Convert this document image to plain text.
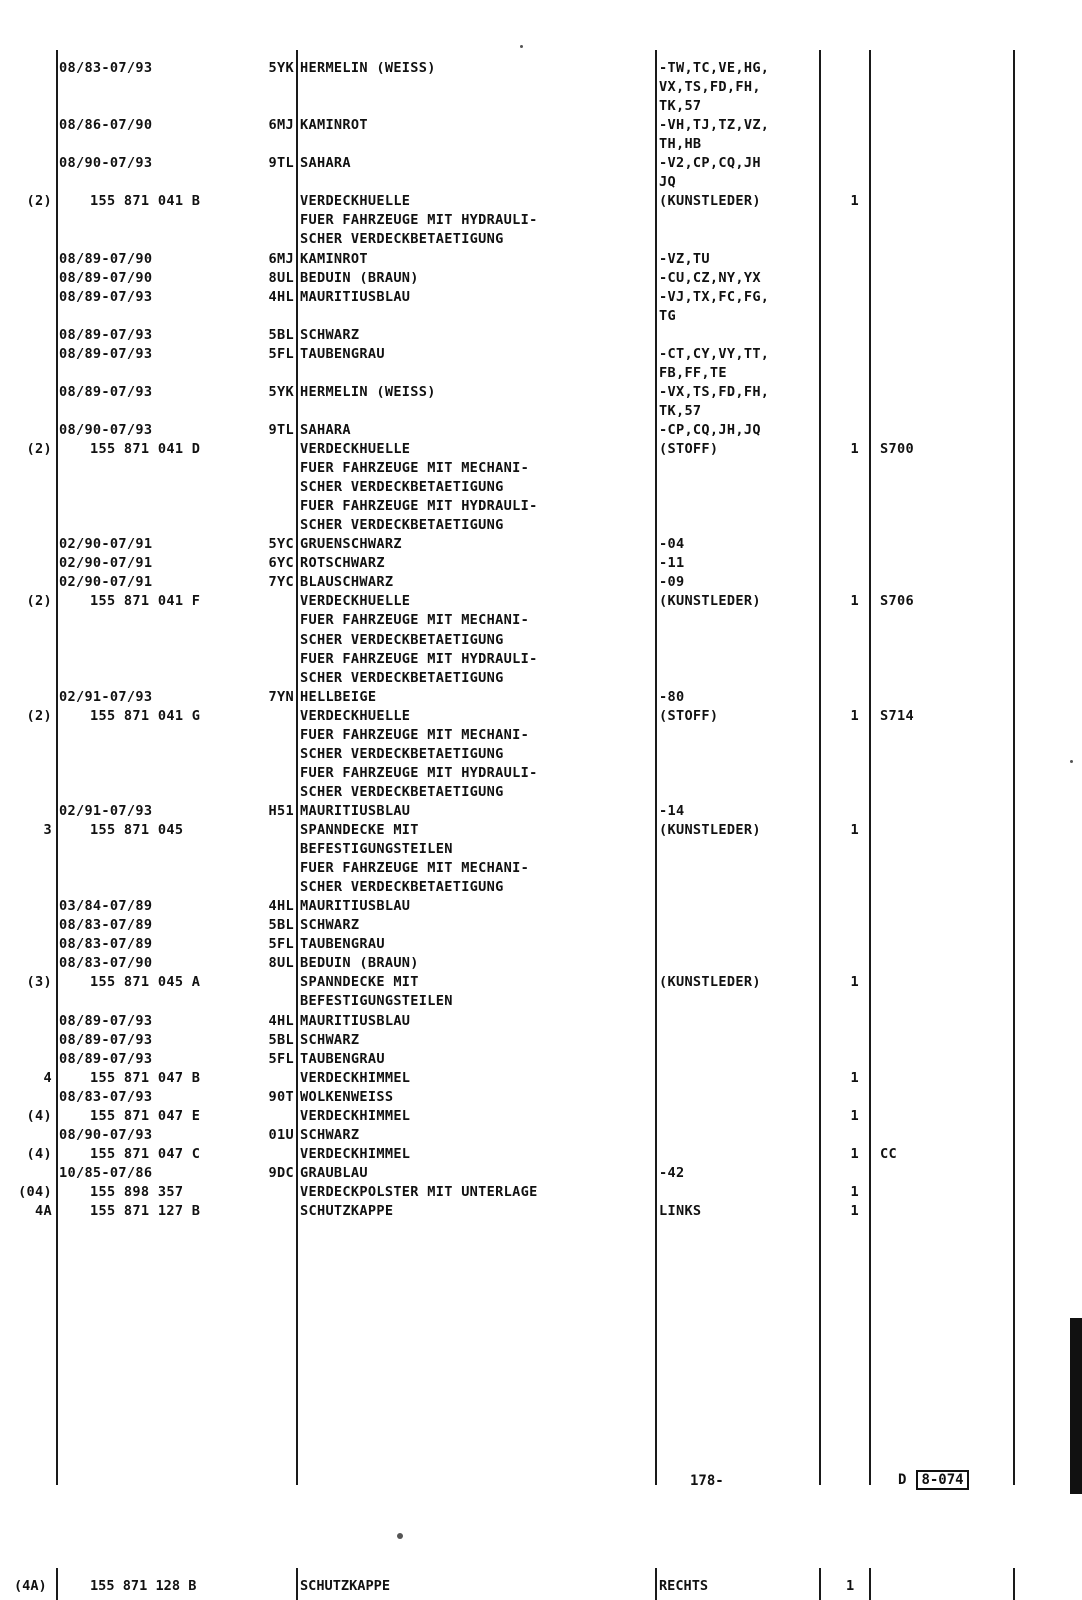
08/83-07/93	5YK HERMELIN (WEISS)	-TW,TC,VE,HG,
VX,TS,FD,FH,
TK,57
08/86-07/90	6MJ KAMINROT	-VH,TJ,TZ,VZ,
TH,HB
08/90-07/93	9TL SAHARA	-V2,CP,CQ,JH
JQ
(2)	155 871 041 B	VERDECKHUELLE	(KUNSTLEDER)	1
FUER FAHRZEUGE MIT HYDRAULI-
SCHER VERDECKBETAETIGUNG
08/89-07/90	6MJ KAMINROT	-VZ,TU
08/89-07/90	8UL BEDUIN (BRAUN)	-CU,CZ,NY,YX
08/89-07/93	4HL MAURITIUSBLAU	-VJ,TX,FC,FG,
TG
08/89-07/93	5BL SCHWARZ
08/89-07/93	5FL TAUBENGRAU	-CT,CY,VY,TT,
FB,FF,TE
08/89-07/93	5YK HERMELIN (WEISS)	-VX,TS,FD,FH,
TK,57
08/90-07/93	9TL SAHARA	-CP,CQ,JH,JQ
(2)	155 871 041 D	VERDECKHUELLE	(STOFF)	1 S700
FUER FAHRZEUGE MIT MECHANI-
SCHER VERDECKBETAETIGUNG
FUER FAHRZEUGE MIT HYDRAULI-
SCHER VERDECKBETAETIGUNG
02/90-07/91	5YC GRUENSCHWARZ	-04
02/90-07/91	6YC ROTSCHWARZ	-11
02/90-07/91	7YC BLAUSCHWARZ	-09
(2)	155 871 041 F	VERDECKHUELLE	(KUNSTLEDER)	1 S706
FUER FAHRZEUGE MIT MECHANI-
SCHER VERDECKBETAETIGUNG
FUER FAHRZEUGE MIT HYDRAULI-
SCHER VERDECKBETAETIGUNG
02/91-07/93	7YN HELLBEIGE	-80
(2)	155 871 041 G	VERDECKHUELLE	(STOFF)	1 S714
FUER FAHRZEUGE MIT MECHANI-
SCHER VERDECKBETAETIGUNG
FUER FAHRZEUGE MIT HYDRAULI-
SCHER VERDECKBETAETIGUNG
02/91-07/93	H51 MAURITIUSBLAU	-14
3	155 871 045	SPANNDECKE MIT	(KUNSTLEDER)	1
BEFESTIGUNGSTEILEN
FUER FAHRZEUGE MIT MECHANI-
SCHER VERDECKBETAETIGUNG
03/84-07/89	4HL MAURITIUSBLAU
08/83-07/89	5BL SCHWARZ
08/83-07/89	5FL TAUBENGRAU
08/83-07/90	8UL BEDUIN (BRAUN)
(3)	155 871 045 A	SPANNDECKE MIT	(KUNSTLEDER)	1
BEFESTIGUNGSTEILEN
08/89-07/93	4HL MAURITIUSBLAU
08/89-07/93	5BL SCHWARZ
08/89-07/93	5FL TAUBENGRAU
4	155 871 047 B	VERDECKHIMMEL	1
08/83-07/93	90T WOLKENWEISS
(4)	155 871 047 E	VERDECKHIMMEL	1
08/90-07/93	01U SCHWARZ
(4)	155 871 047 C	VERDECKHIMMEL	1 CC
10/85-07/86	9DC GRAUBLAU	-42
(04)	155 898 357	VERDECKPOLSTER MIT UNTERLAGE	1
4A	155 871 127 B	SCHUTZKAPPE	LINKS	1
178-	D 8-074
(4A)	155 871 128 B	SCHUTZKAPPE	RECHTS	1
